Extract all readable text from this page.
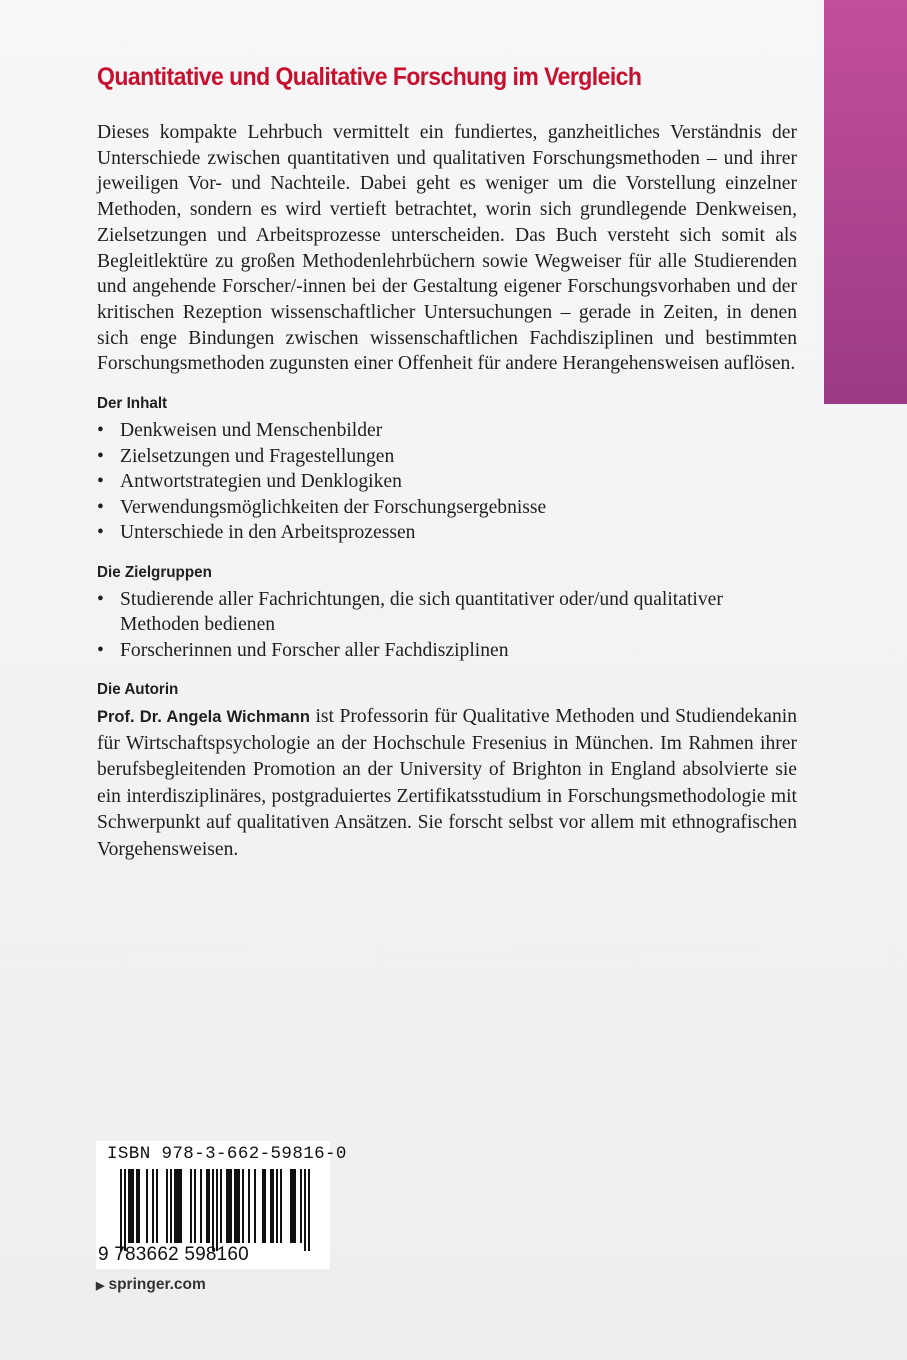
Quantitative und Qualitative Forschung im Vergleich

Dieses kompakte Lehrbuch vermittelt ein fundiertes, ganzheitliches Verständnis der Unterschiede zwischen quantitativen und qualitativen Forschungsmethoden – und ihrer jeweiligen Vor- und Nachteile. Dabei geht es weniger um die Vorstellung einzelner Methoden, sondern es wird vertieft betrachtet, worin sich grundlegende Denkweisen, Zielsetzungen und Arbeitsprozesse unterscheiden. Das Buch versteht sich somit als Begleitlektüre zu großen Methodenlehrbüchern sowie Wegweiser für alle Studierenden und angehende Forscher/-innen bei der Gestaltung eigener Forschungsvorhaben und der kritischen Rezeption wissenschaftlicher Untersuchungen – gerade in Zeiten, in denen sich enge Bindungen zwischen wissenschaftlichen Fachdisziplinen und bestimmten Forschungsmethoden zugunsten einer Offenheit für andere Herangehensweisen auflösen.

Der Inhalt
• Denkweisen und Menschenbilder
• Zielsetzungen und Fragestellungen
• Antwortstrategien und Denklogiken
• Verwendungsmöglichkeiten der Forschungsergebnisse
• Unterschiede in den Arbeitsprozessen
Die Zielgruppen
• Studierende aller Fachrichtungen, die sich quantitativer oder/und qualitativer Methoden bedienen
• Forscherinnen und Forscher aller Fachdisziplinen
Die Autorin

Prof. Dr. Angela Wichmann ist Professorin für Qualitative Methoden und Studiendekanin für Wirtschaftspsychologie an der Hochschule Fresenius in München. Im Rahmen ihrer berufsbegleitenden Promotion an der University of Brighton in England absolvierte sie ein interdisziplinäres, postgraduiertes Zertifikatsstudium in Forschungsmethodologie mit Schwerpunkt auf qualitativen Ansätzen. Sie forscht selbst vor allem mit ethnografischen Vorgehensweisen.

ISBN 978-3-662-59816-0
9 783662 598160
▶ springer.com
